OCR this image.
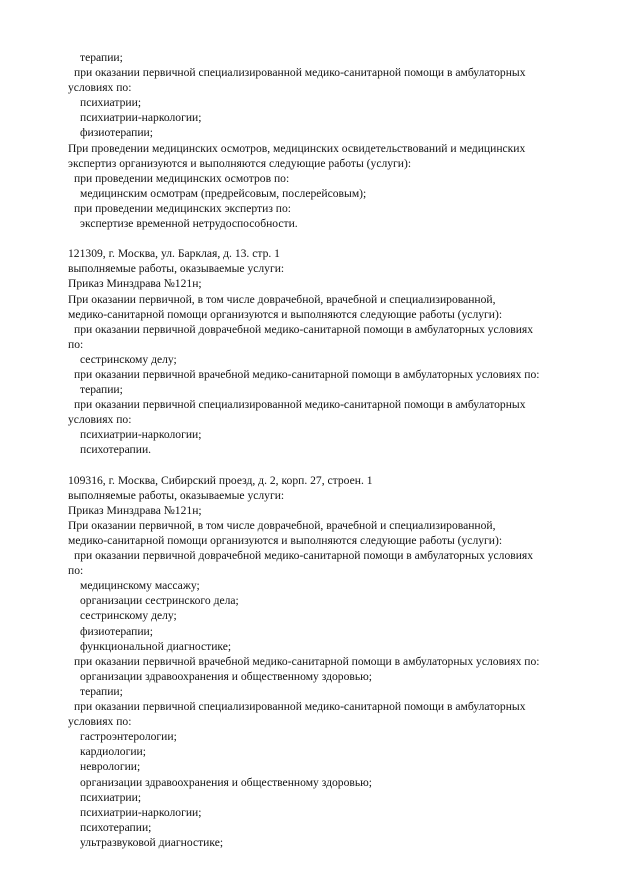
терапии;
при оказании первичной специализированной медико-санитарной помощи в амбулаторных
условиях по:
психиатрии;
психиатрии-наркологии;
физиотерапии;
При проведении медицинских осмотров, медицинских освидетельствований и медицинских
экспертиз организуются и выполняются следующие работы (услуги):
при проведении медицинских осмотров по:
медицинским осмотрам (предрейсовым, послерейсовым);
при проведении медицинских экспертиз по:
экспертизе временной нетрудоспособности.
121309, г. Москва, ул. Барклая, д. 13. стр. 1
выполняемые работы, оказываемые услуги:
Приказ Минздрава №121н;
При оказании первичной, в том числе доврачебной, врачебной и специализированной,
медико-санитарной помощи организуются и выполняются следующие работы (услуги):
при оказании первичной доврачебной медико-санитарной помощи в амбулаторных условиях
по:
сестринскому делу;
при оказании первичной врачебной медико-санитарной помощи в амбулаторных условиях по:
терапии;
при оказании первичной специализированной медико-санитарной помощи в амбулаторных
условиях по:
психиатрии-наркологии;
психотерапии.
109316, г. Москва, Сибирский проезд, д. 2, корп. 27, строен. 1
выполняемые работы, оказываемые услуги:
Приказ Минздрава №121н;
При оказании первичной, в том числе доврачебной, врачебной и специализированной,
медико-санитарной помощи организуются и выполняются следующие работы (услуги):
при оказании первичной доврачебной медико-санитарной помощи в амбулаторных условиях
по:
медицинскому массажу;
организации сестринского дела;
сестринскому делу;
физиотерапии;
функциональной диагностике;
при оказании первичной врачебной медико-санитарной помощи в амбулаторных условиях по:
организации здравоохранения и общественному здоровью;
терапии;
при оказании первичной специализированной медико-санитарной помощи в амбулаторных
условиях по:
гастроэнтерологии;
кардиологии;
неврологии;
организации здравоохранения и общественному здоровью;
психиатрии;
психиатрии-наркологии;
психотерапии;
ультразвуковой диагностике;
